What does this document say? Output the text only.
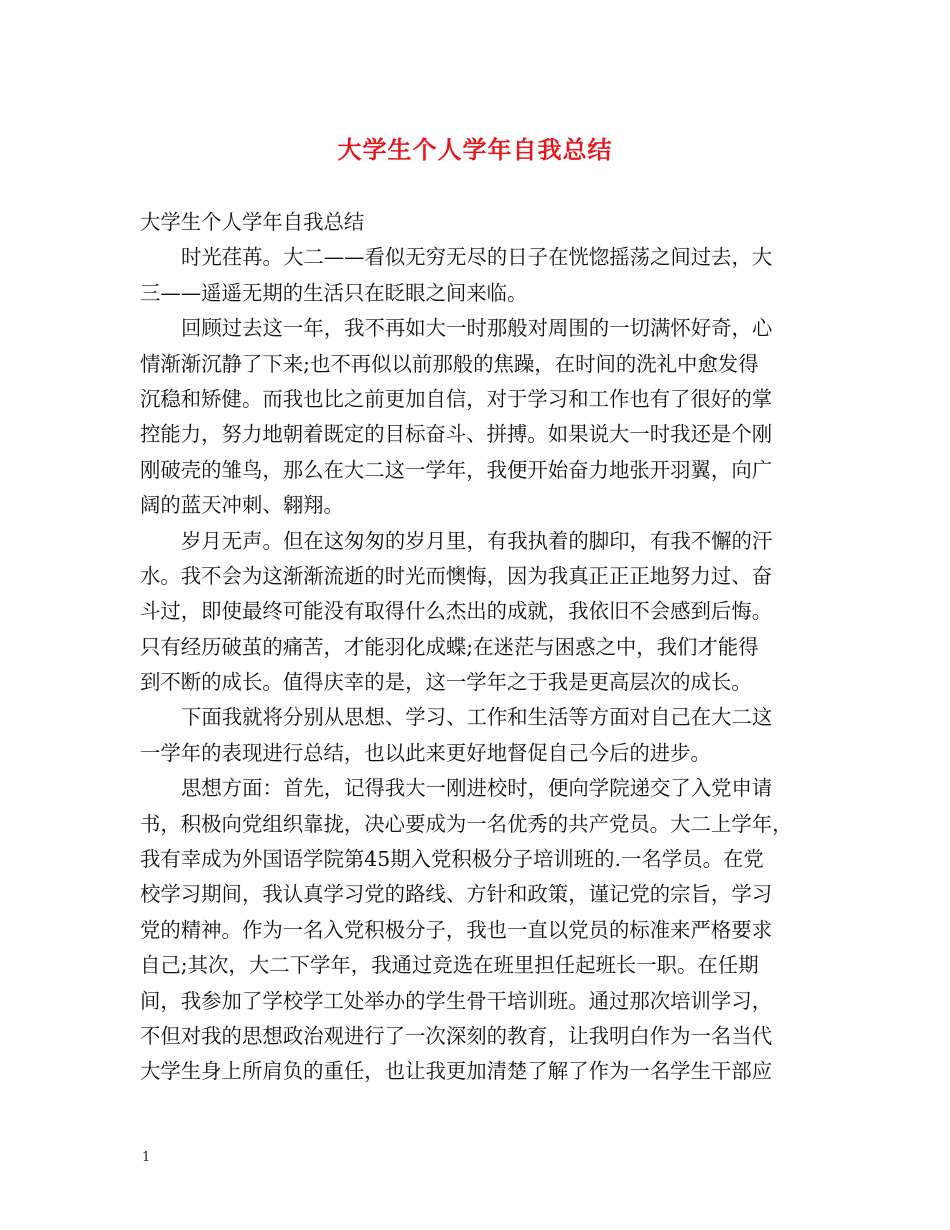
大学生个人学年自我总结
大学生个人学年自我总结
时光荏苒。大二——看似无穷无尽的日子在恍惚摇荡之间过去，大
三——遥遥无期的生活只在眨眼之间来临。
回顾过去这一年，我不再如大一时那般对周围的一切满怀好奇，心
情渐渐沉静了下来;也不再似以前那般的焦躁，在时间的洗礼中愈发得
沉稳和矫健。而我也比之前更加自信，对于学习和工作也有了很好的掌
控能力，努力地朝着既定的目标奋斗、拼搏。如果说大一时我还是个刚
刚破壳的雏鸟，那么在大二这一学年，我便开始奋力地张开羽翼，向广
阔的蓝天冲刺、翱翔。
岁月无声。但在这匆匆的岁月里，有我执着的脚印，有我不懈的汗
水。我不会为这渐渐流逝的时光而懊悔，因为我真正正正地努力过、奋
斗过，即使最终可能没有取得什么杰出的成就，我依旧不会感到后悔。
只有经历破茧的痛苦，才能羽化成蝶;在迷茫与困惑之中，我们才能得
到不断的成长。值得庆幸的是，这一学年之于我是更高层次的成长。
下面我就将分别从思想、学习、工作和生活等方面对自己在大二这
一学年的表现进行总结，也以此来更好地督促自己今后的进步。
思想方面：首先，记得我大一刚进校时，便向学院递交了入党申请
书，积极向党组织靠拢，决心要成为一名优秀的共产党员。大二上学年，
我有幸成为外国语学院第45期入党积极分子培训班的.一名学员。在党
校学习期间，我认真学习党的路线、方针和政策，谨记党的宗旨，学习
党的精神。作为一名入党积极分子，我也一直以党员的标准来严格要求
自己;其次，大二下学年，我通过竞选在班里担任起班长一职。在任期
间，我参加了学校学工处举办的学生骨干培训班。通过那次培训学习，
不但对我的思想政治观进行了一次深刻的教育，让我明白作为一名当代
大学生身上所肩负的重任，也让我更加清楚了解了作为一名学生干部应
1
